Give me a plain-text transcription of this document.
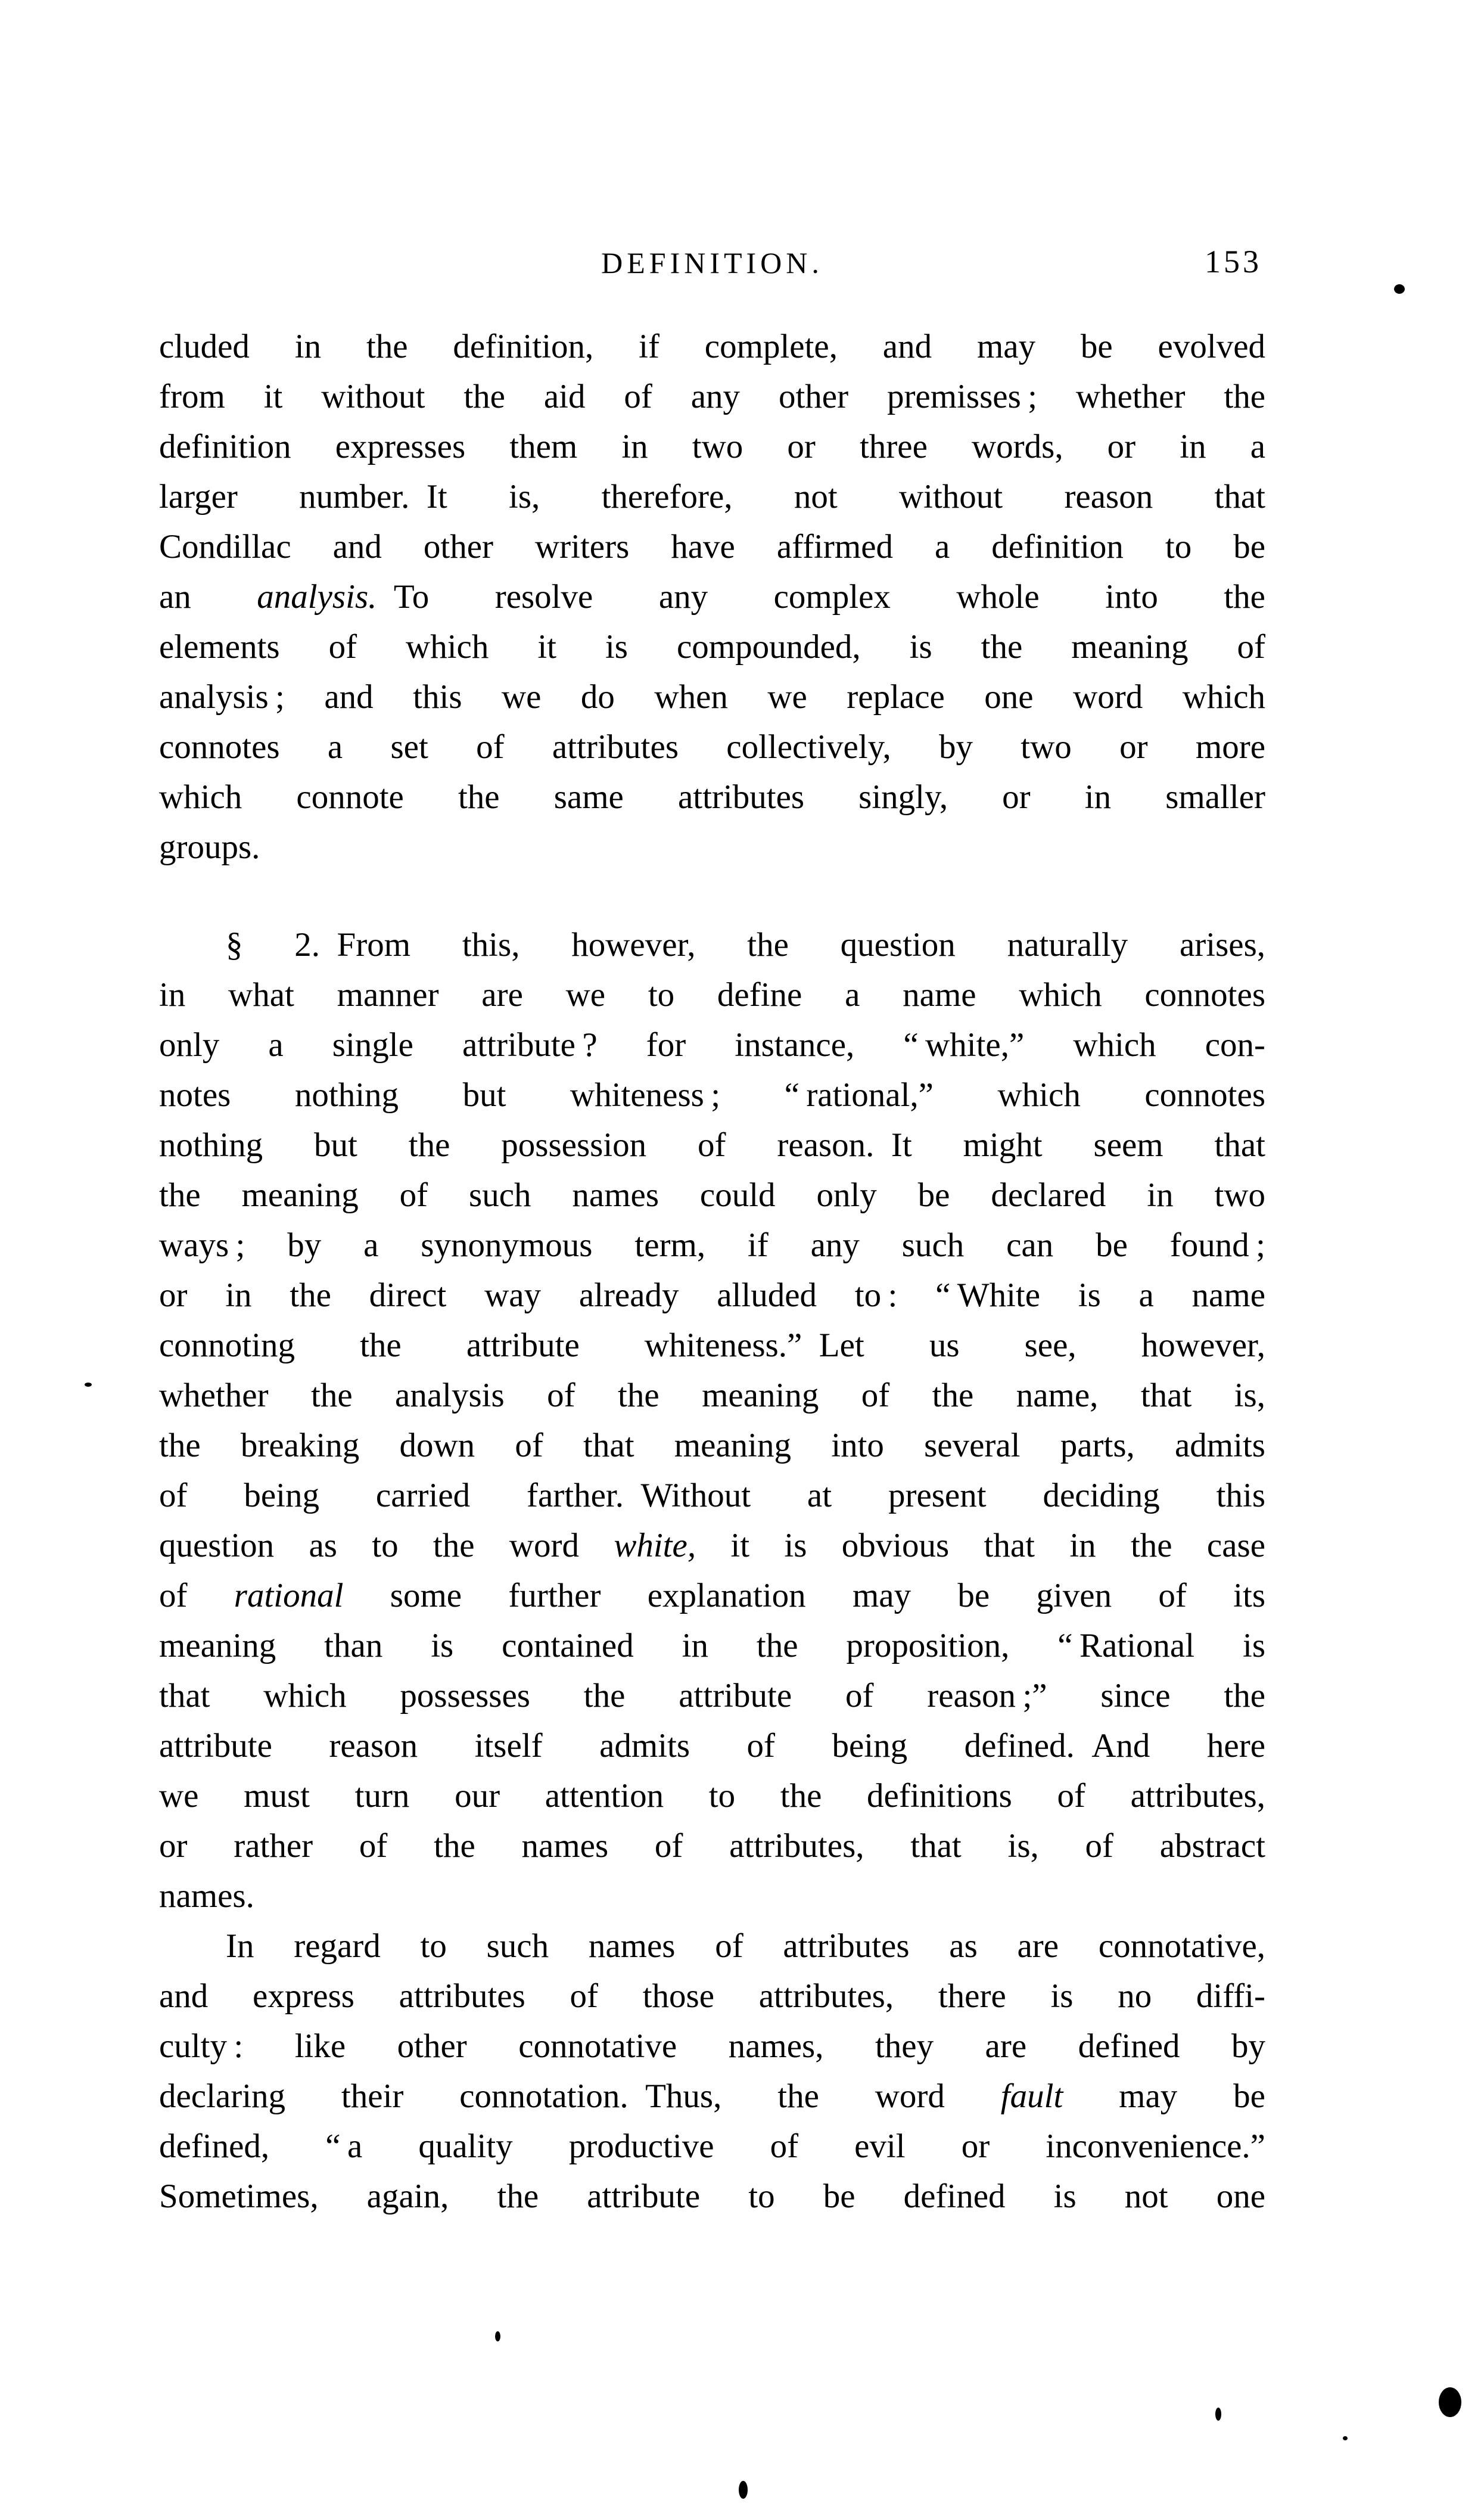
DEFINITION.	153
cluded in the definition, if complete, and may be evolved
from it without the aid of any other premisses ; whether the
definition expresses them in two or three words, or in a
larger number. It is, therefore, not without reason that
Condillac and other writers have affirmed a definition to be
an analysis. To resolve any complex whole into the
elements of which it is compounded, is the meaning of
analysis ; and this we do when we replace one word which
connotes a set of attributes collectively, by two or more
which connote the same attributes singly, or in smaller
groups.
§ 2. From this, however, the question naturally arises,
in what manner are we to define a name which connotes
only a single attribute ? for instance, “ white,” which con-
notes nothing but whiteness ; “ rational,” which connotes
nothing but the possession of reason. It might seem that
the meaning of such names could only be declared in two
ways ; by a synonymous term, if any such can be found ;
or in the direct way already alluded to : “ White is a name
connoting the attribute whiteness.” Let us see, however,
whether the analysis of the meaning of the name, that is,
the breaking down of that meaning into several parts, admits
of being carried farther. Without at present deciding this
question as to the word white, it is obvious that in the case
of rational some further explanation may be given of its
meaning than is contained in the proposition, “ Rational is
that which possesses the attribute of reason ;” since the
attribute reason itself admits of being defined. And here
we must turn our attention to the definitions of attributes,
or rather of the names of attributes, that is, of abstract
names.
In regard to such names of attributes as are connotative,
and express attributes of those attributes, there is no diffi-
culty : like other connotative names, they are defined by
declaring their connotation. Thus, the word fault may be
defined, “ a quality productive of evil or inconvenience.”
Sometimes, again, the attribute to be defined is not one
